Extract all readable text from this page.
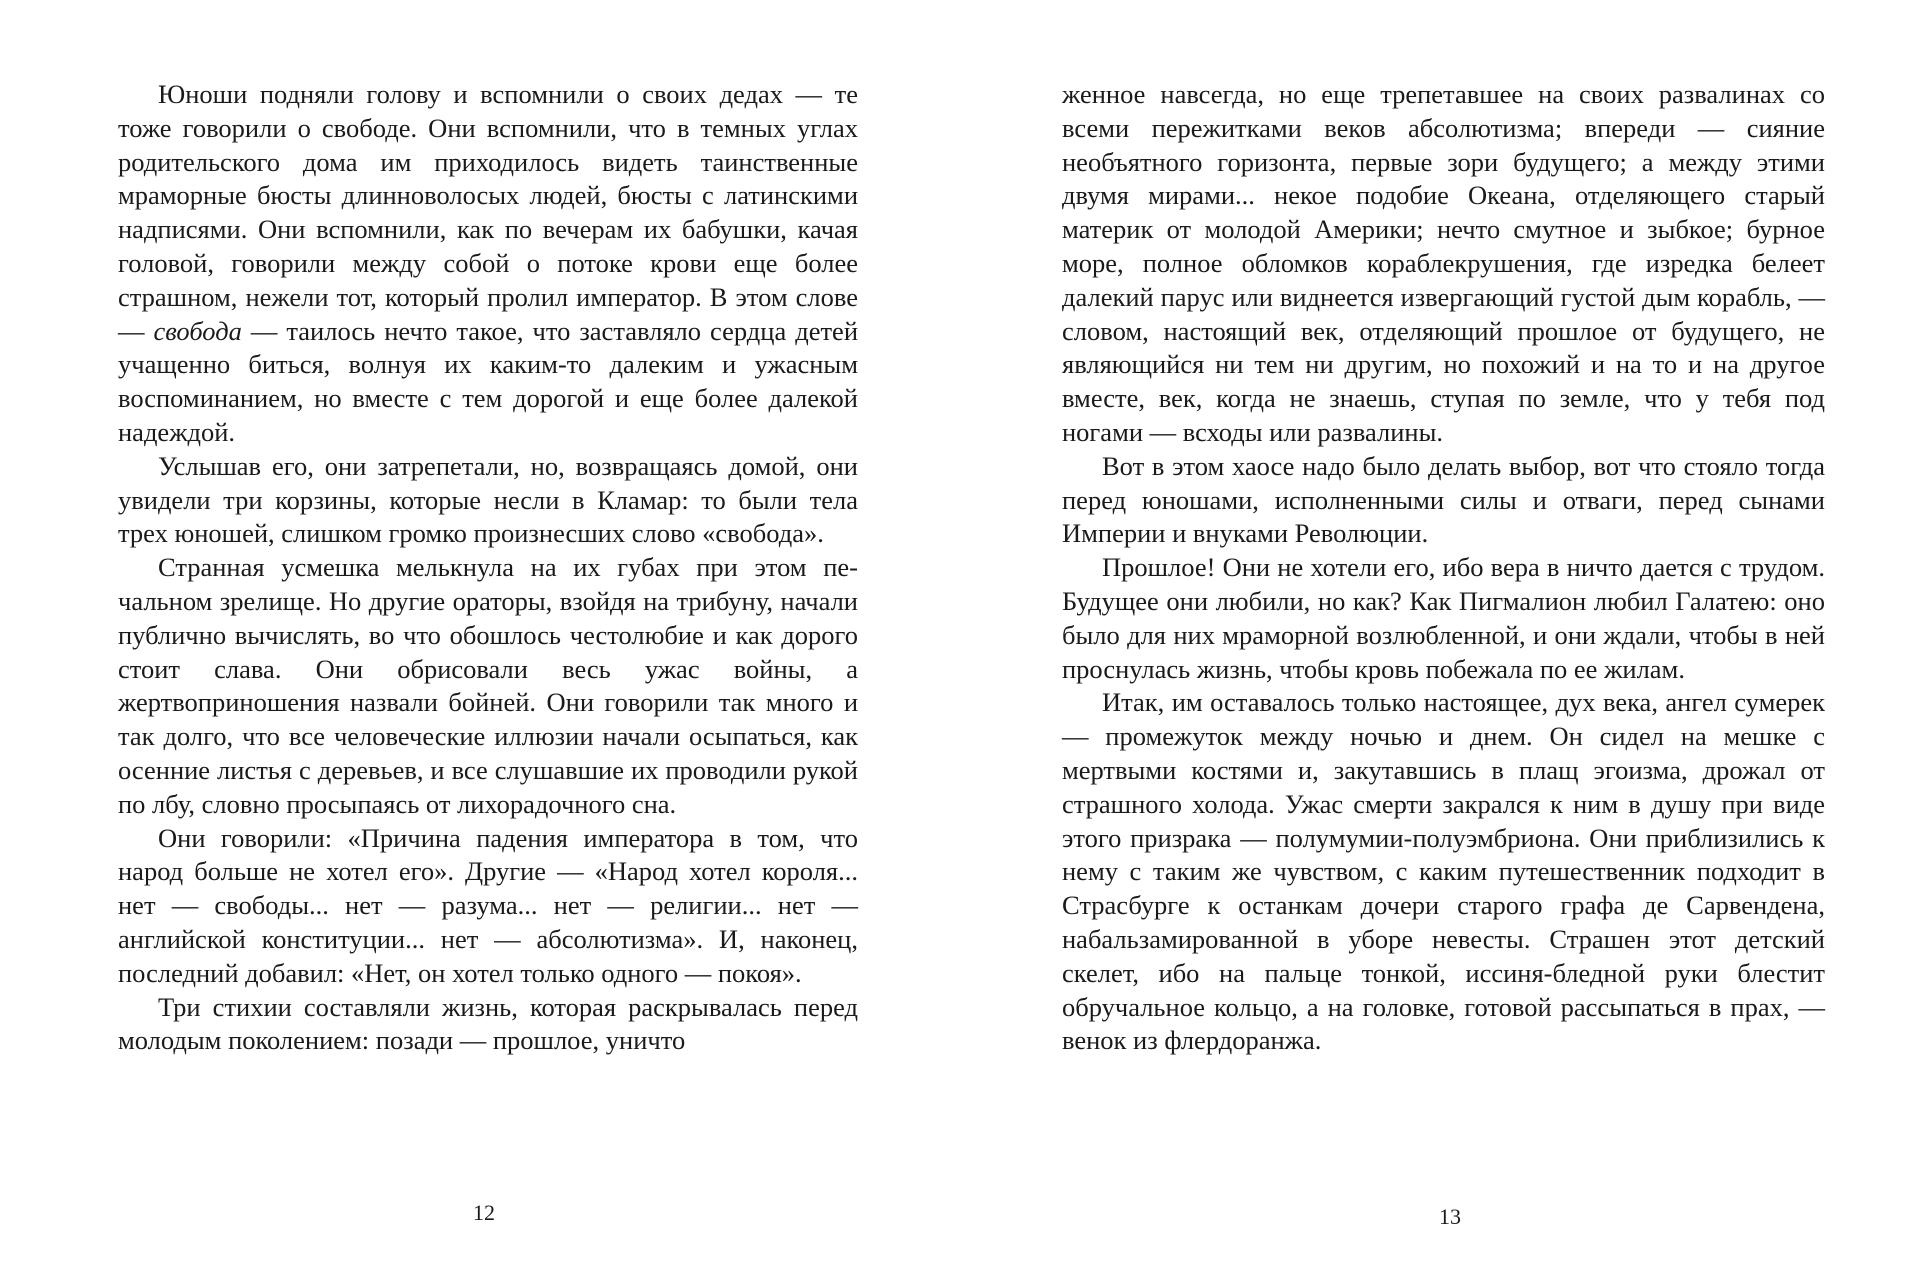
Юноши подняли голову и вспомнили о своих дедах — те тоже говорили о свободе. Они вспомнили, что в темных углах родительского дома им приходилось видеть таинственные мраморные бюсты длинноволосых людей, бюсты с латинскими надписями. Они вспомнили, как по вечерам их бабушки, качая головой, говорили между собой о потоке крови еще более страшном, нежели тот, который пролил император. В этом слове — свобода — таилось нечто такое, что заставляло сердца детей учащенно биться, волнуя их каким-то далеким и ужасным воспоминанием, но вместе с тем дорогой и еще более далекой надеждой.

Услышав его, они затрепетали, но, возвращаясь домой, они увидели три корзины, которые несли в Кламар: то были тела трех юношей, слишком громко произнесших слово «свобода».

Странная усмешка мелькнула на их губах при этом печальном зрелище. Но другие ораторы, взойдя на трибуну, начали публично вычислять, во что обошлось честолюбие и как дорого стоит слава. Они обрисовали весь ужас войны, а жертвоприношения назвали бойней. Они говорили так много и так долго, что все человеческие иллюзии начали осыпаться, как осенние листья с деревьев, и все слушавшие их проводили рукой по лбу, словно просыпаясь от лихорадочного сна.

Они говорили: «Причина падения императора в том, что народ больше не хотел его». Другие — «Народ хотел короля... нет — свободы... нет — разума... нет — религии... нет — английской конституции... нет — абсолютизма». И, наконец, последний добавил: «Нет, он хотел только одного — покоя».

Три стихии составляли жизнь, которая раскрывалась перед молодым поколением: позади — прошлое, уничто

12

женное навсегда, но еще трепетавшее на своих развалинах со всеми пережитками веков абсолютизма; впереди — сияние необъятного горизонта, первые зори будущего; а между этими двумя мирами... некое подобие Океана, отделяющего старый материк от молодой Америки; нечто смутное и зыбкое; бурное море, полное обломков кораблекрушения, где изредка белеет далекий парус или виднеется извергающий густой дым корабль, — словом, настоящий век, отделяющий прошлое от будущего, не являющийся ни тем ни другим, но похожий и на то и на другое вместе, век, когда не знаешь, ступая по земле, что у тебя под ногами — всходы или развалины.

Вот в этом хаосе надо было делать выбор, вот что стояло тогда перед юношами, исполненными силы и отваги, перед сынами Империи и внуками Революции.

Прошлое! Они не хотели его, ибо вера в ничто дается с трудом. Будущее они любили, но как? Как Пигмалион любил Галатею: оно было для них мраморной возлюбленной, и они ждали, чтобы в ней проснулась жизнь, чтобы кровь побежала по ее жилам.

Итак, им оставалось только настоящее, дух века, ангел сумерек — промежуток между ночью и днем. Он сидел на мешке с мертвыми костями и, закутавшись в плащ эгоизма, дрожал от страшного холода. Ужас смерти закрался к ним в душу при виде этого призрака — полумумии-полуэмбриона. Они приблизились к нему с таким же чувством, с каким путешественник подходит в Страсбурге к останкам дочери старого графа де Сарвендена, набальзамированной в уборе невесты. Страшен этот детский скелет, ибо на пальце тонкой, иссиня-бледной руки блестит обручальное кольцо, а на головке, готовой рассыпаться в прах, — венок из флердоранжа.

13
